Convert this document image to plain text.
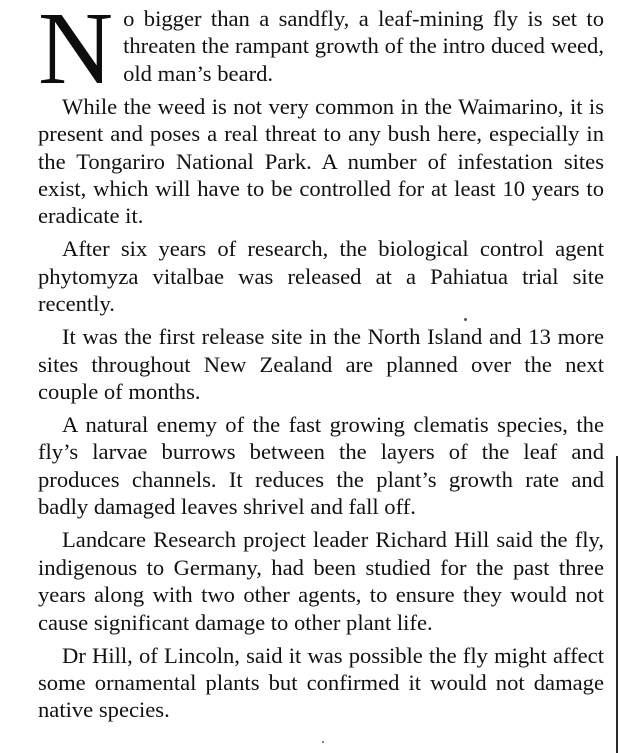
No bigger than a sandfly, a leaf-mining fly is set to threaten the rampant growth of the intro duced weed, old man’s beard.

While the weed is not very common in the Waimarino, it is present and poses a real threat to any bush here, especially in the Tongariro National Park. A number of infestation sites exist, which will have to be controlled for at least 10 years to eradicate it.

After six years of research, the biological control agent phytomyza vitalbae was released at a Pahiatua trial site recently.

It was the first release site in the North Island and 13 more sites throughout New Zealand are planned over the next couple of months.

A natural enemy of the fast growing clematis species, the fly’s larvae burrows between the layers of the leaf and produces channels. It reduces the plant’s growth rate and badly damaged leaves shrivel and fall off.

Landcare Research project leader Richard Hill said the fly, indigenous to Germany, had been studied for the past three years along with two other agents, to ensure they would not cause significant damage to other plant life.

Dr Hill, of Lincoln, said it was possible the fly might affect some ornamental plants but confirmed it would not damage native species.
